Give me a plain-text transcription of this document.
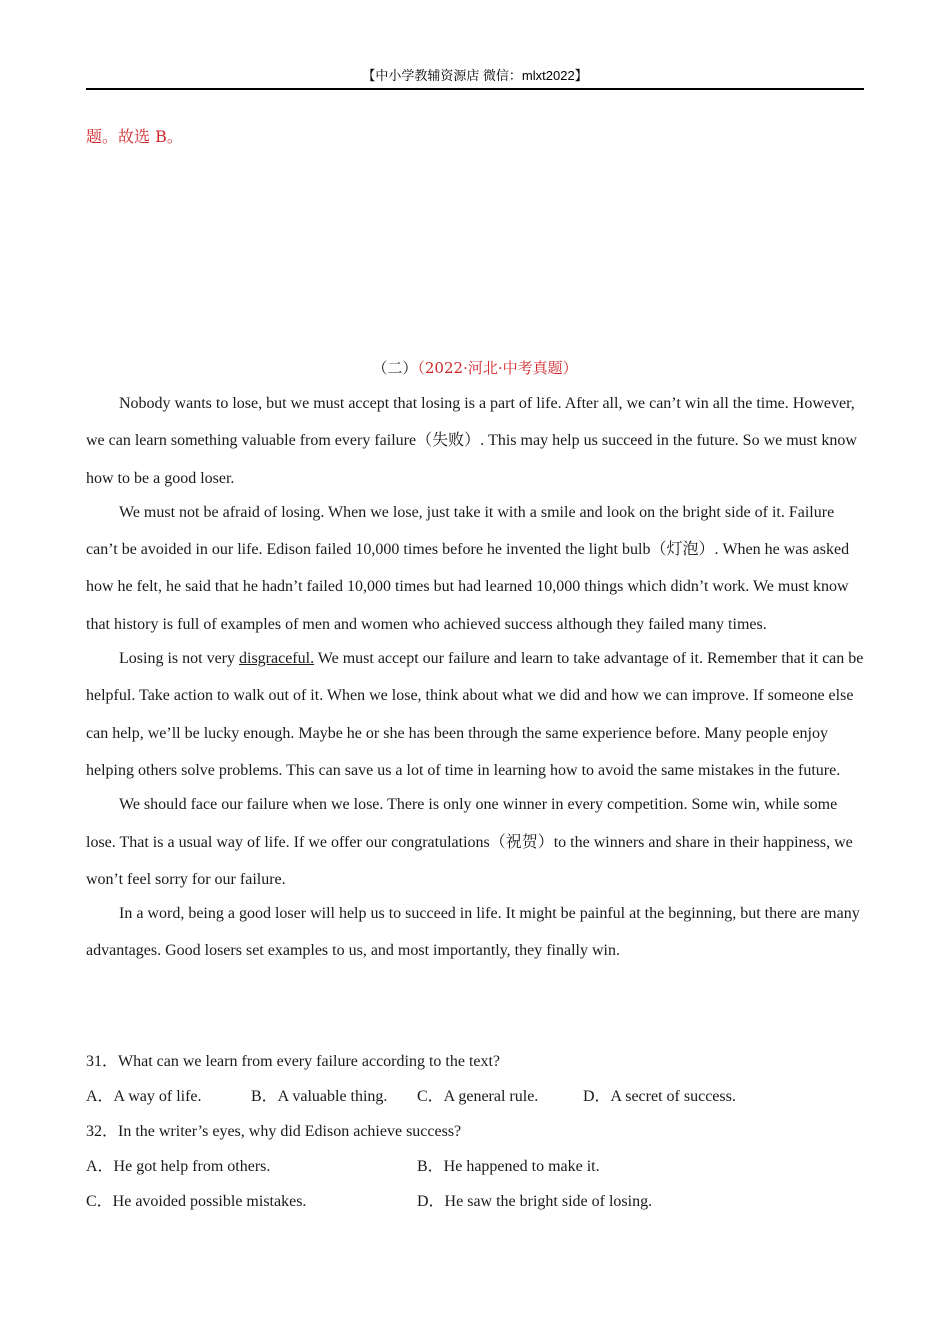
【中小学教辅资源店 微信：mlxt2022】
题。故选 B。
（二）（2022·河北·中考真题）

Nobody wants to lose, but we must accept that losing is a part of life. After all, we can’t win all the time. However, we can learn something valuable from every failure（失败）. This may help us succeed in the future. So we must know how to be a good loser.

We must not be afraid of losing. When we lose, just take it with a smile and look on the bright side of it. Failure can’t be avoided in our life. Edison failed 10,000 times before he invented the light bulb（灯泡）. When he was asked how he felt, he said that he hadn’t failed 10,000 times but had learned 10,000 things which didn’t work. We must know that history is full of examples of men and women who achieved success although they failed many times.

Losing is not very disgraceful. We must accept our failure and learn to take advantage of it. Remember that it can be helpful. Take action to walk out of it. When we lose, think about what we did and how we can improve. If someone else can help, we’ll be lucky enough. Maybe he or she has been through the same experience before. Many people enjoy helping others solve problems. This can save us a lot of time in learning how to avoid the same mistakes in the future.

We should face our failure when we lose. There is only one winner in every competition. Some win, while some lose. That is a usual way of life. If we offer our congratulations（祝贺）to the winners and share in their happiness, we won’t feel sorry for our failure.

In a word, being a good loser will help us to succeed in life. It might be painful at the beginning, but there are many advantages. Good losers set examples to us, and most importantly, they finally win.

31．What can we learn from every failure according to the text?
A．A way of life.	B．A valuable thing. C．A general rule.	D．A secret of success.
32．In the writer’s eyes, why did Edison achieve success?
A．He got help from others.	B．He happened to make it.
C．He avoided possible mistakes.	D．He saw the bright side of losing.
